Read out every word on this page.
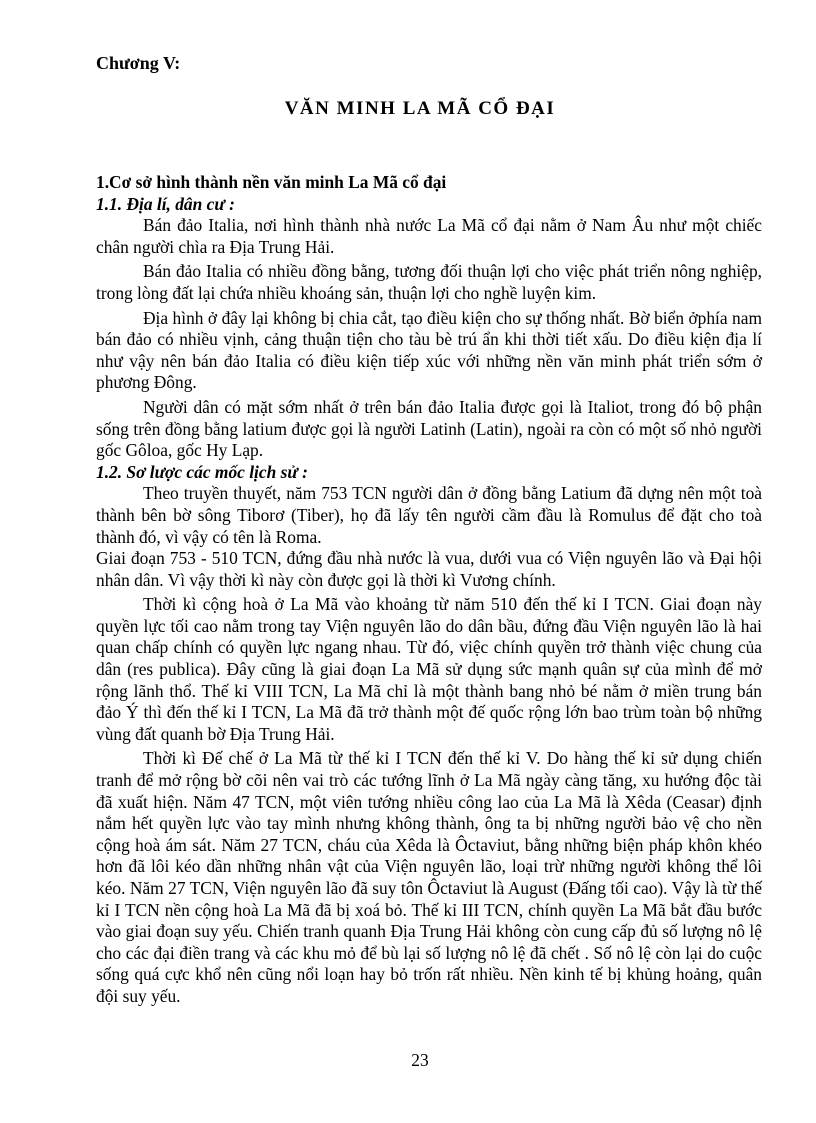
Chương V:

VĂN MINH LA MÃ CỔ ĐẠI

1.Cơ sở hình thành nền văn minh La Mã cổ đại

1.1. Địa lí, dân cư :

Bán đảo Italia, nơi hình thành nhà nước La Mã cổ đại nằm ở Nam Âu như một chiếc chân người chìa ra Địa Trung Hải.

Bán đảo Italia có nhiều đồng bằng, tương đối thuận lợi cho việc phát triển nông nghiệp, trong lòng đất lại chứa nhiều khoáng sản, thuận lợi cho nghề luyện kim.

Địa hình ở đây lại không bị chia cắt, tạo điều kiện cho sự thống nhất. Bờ biển ởphía nam bán đảo có nhiều vịnh, cảng thuận tiện cho tàu bè trú ẩn khi thời tiết xấu. Do điều kiện địa lí như vậy nên bán đảo Italia có điều kiện tiếp xúc với những nền văn minh phát triển sớm ở phương Đông.

Người dân có mặt sớm nhất ở trên bán đảo Italia được gọi là Italiot, trong đó bộ phận sống trên đồng bằng latium được gọi là người Latinh (Latin), ngoài ra còn có một số nhỏ người gốc Gôloa, gốc Hy Lạp.

1.2. Sơ lược các mốc lịch sử :

Theo truyền thuyết, năm 753 TCN người dân ở đồng bằng Latium đã dựng nên một toà thành bên bờ sông Tiborơ (Tiber), họ đã lấy tên người cầm đầu là Romulus để đặt cho toà thành đó, vì vậy có tên là Roma.

Giai đoạn 753 - 510 TCN, đứng đầu nhà nước là vua, dưới vua có Viện nguyên lão và Đại hội nhân dân. Vì vậy thời kì này còn được gọi là thời kì Vương chính.

Thời kì cộng hoà ở La Mã vào khoảng từ năm 510 đến thế kỉ I TCN. Giai đoạn này quyền lực tối cao nằm trong tay Viện nguyên lão do dân bầu, đứng đầu Viện nguyên lão là hai quan chấp chính có quyền lực ngang nhau. Từ đó, việc chính quyền trở thành việc chung của dân (res publica). Đây cũng là giai đoạn La Mã sử dụng sức mạnh quân sự của mình để mở rộng lãnh thổ. Thế kỉ VIII TCN, La Mã chỉ là một thành bang nhỏ bé nằm ở miền trung bán đảo Ý thì đến thế kỉ I TCN, La Mã đã trở thành một đế quốc rộng lớn bao trùm toàn bộ những vùng đất quanh bờ Địa Trung Hải.

Thời kì Đế chế ở La Mã từ thế kỉ I TCN đến thế kỉ V. Do hàng thế kỉ sử dụng chiến tranh để mở rộng bờ cõi nên vai trò các tướng lĩnh ở La Mã ngày càng tăng, xu hướng độc tài đã xuất hiện. Năm 47 TCN, một viên tướng nhiều công lao của La Mã là Xêda (Ceasar) định nắm hết quyền lực vào tay mình nhưng không thành, ông ta bị những người bảo vệ cho nền cộng hoà ám sát. Năm 27 TCN, cháu của Xêda là Ôctaviut, bằng những biện pháp khôn khéo hơn đã lôi kéo dần những nhân vật của Viện nguyên lão, loại trừ những người không thể lôi kéo. Năm 27 TCN, Viện nguyên lão đã suy tôn Ôctaviut là August (Đấng tối cao). Vậy là từ thế kỉ I TCN nền cộng hoà La Mã đã bị xoá bỏ. Thế kỉ III TCN, chính quyền La Mã bắt đầu bước vào giai đoạn suy yếu. Chiến tranh quanh Địa Trung Hải không còn cung cấp đủ số lượng nô lệ cho các đại điền trang và các khu mỏ để bù lại số lượng nô lệ đã chết . Số nô lệ còn lại do cuộc sống quá cực khổ nên cũng nổi loạn hay bỏ trốn rất nhiều. Nền kinh tế bị khủng hoảng, quân đội suy yếu.

23
